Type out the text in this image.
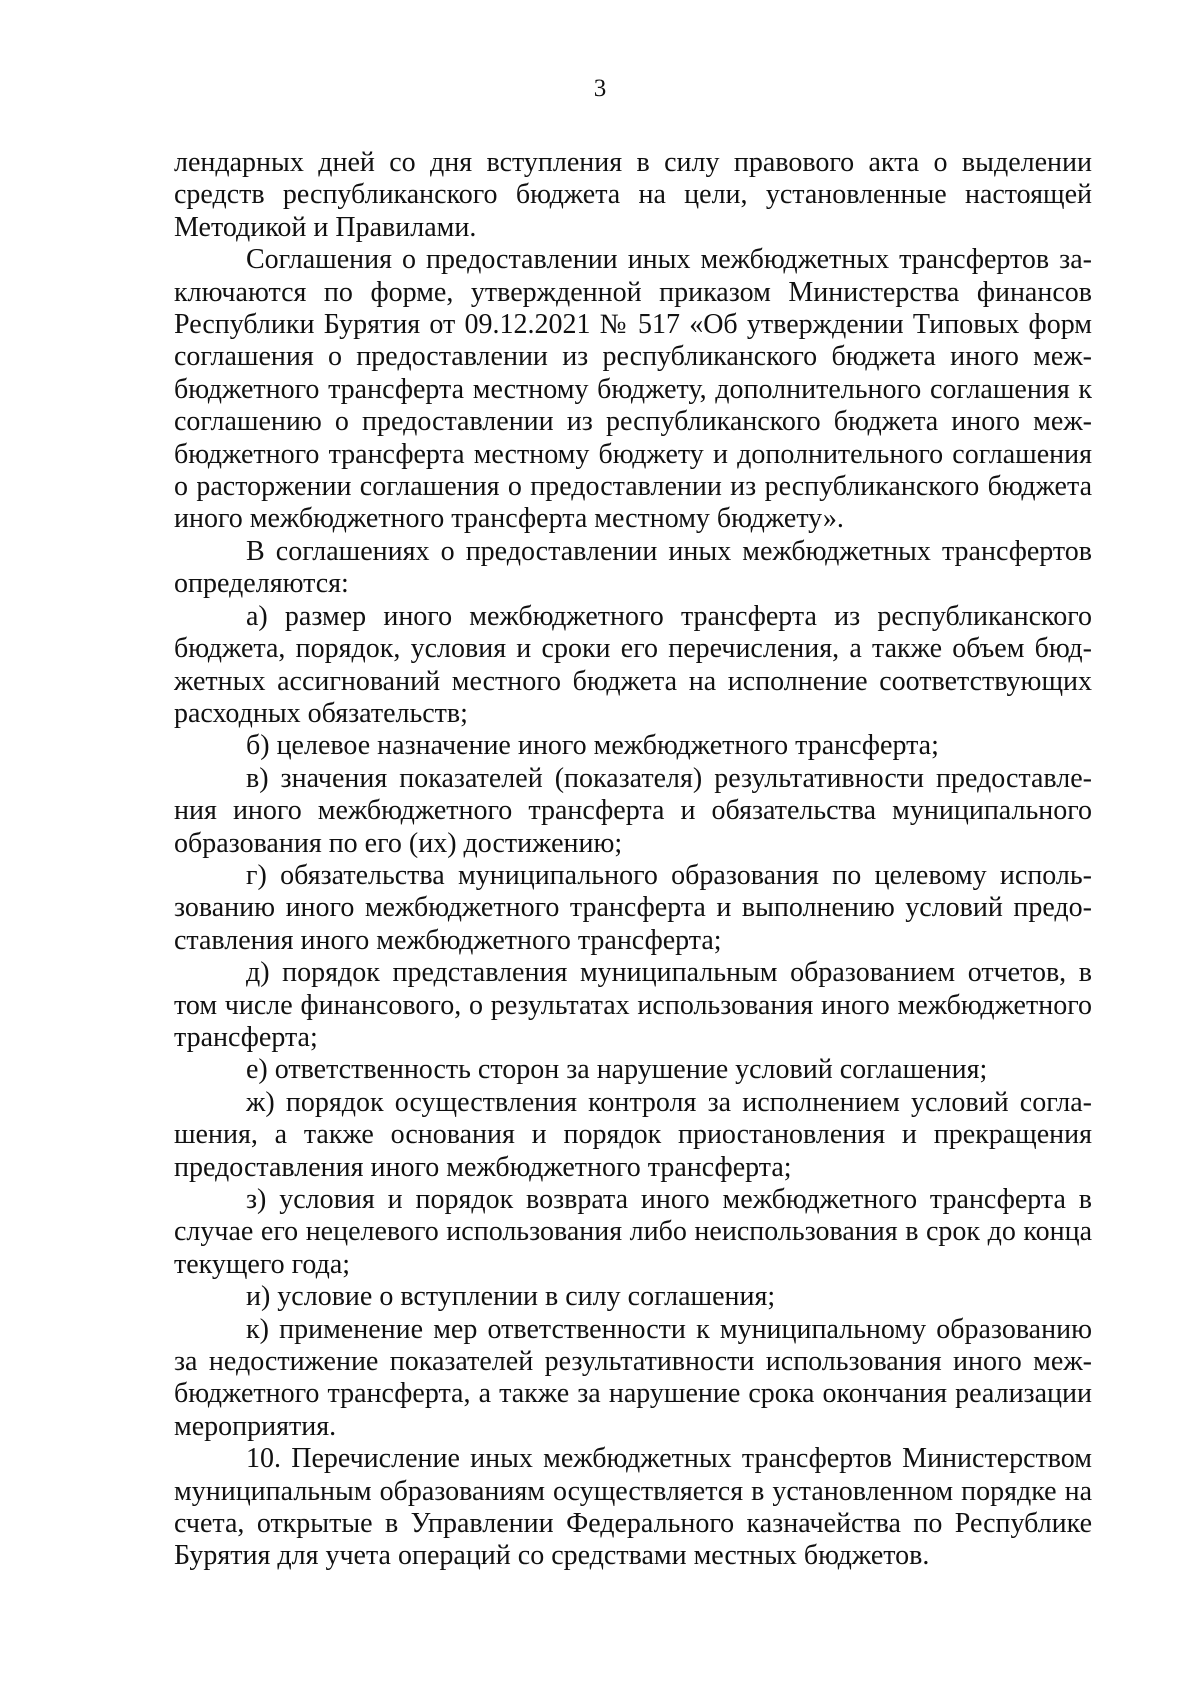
3

лендарных дней со дня вступления в силу правового акта о выделении средств республиканского бюджета на цели, установленные настоящей Методикой и Правилами.

Соглашения о предоставлении иных межбюджетных трансфертов заключаются по форме, утвержденной приказом Министерства финансов Республики Бурятия от 09.12.2021 № 517 «Об утверждении Типовых форм соглашения о предоставлении из республиканского бюджета иного межбюджетного трансферта местному бюджету, дополнительного соглашения к соглашению о предоставлении из республиканского бюджета иного межбюджетного трансферта местному бюджету и дополнительного соглашения о расторжении соглашения о предоставлении из республиканского бюджета иного межбюджетного трансферта местному бюджету».

В соглашениях о предоставлении иных межбюджетных трансфертов определяются:

а) размер иного межбюджетного трансферта из республиканского бюджета, порядок, условия и сроки его перечисления, а также объем бюджетных ассигнований местного бюджета на исполнение соответствующих расходных обязательств;

б) целевое назначение иного межбюджетного трансферта;

в) значения показателей (показателя) результативности предоставления иного межбюджетного трансферта и обязательства муниципального образования по его (их) достижению;

г) обязательства муниципального образования по целевому использованию иного межбюджетного трансферта и выполнению условий предоставления иного межбюджетного трансферта;

д) порядок представления муниципальным образованием отчетов, в том числе финансового, о результатах использования иного межбюджетного трансферта;

е) ответственность сторон за нарушение условий соглашения;

ж) порядок осуществления контроля за исполнением условий соглашения, а также основания и порядок приостановления и прекращения предоставления иного межбюджетного трансферта;

з) условия и порядок возврата иного межбюджетного трансферта в случае его нецелевого использования либо неиспользования в срок до конца текущего года;

и) условие о вступлении в силу соглашения;

к) применение мер ответственности к муниципальному образованию за недостижение показателей результативности использования иного межбюджетного трансферта, а также за нарушение срока окончания реализации мероприятия.

10. Перечисление иных межбюджетных трансфертов Министерством муниципальным образованиям осуществляется в установленном порядке на счета, открытые в Управлении Федерального казначейства по Республике Бурятия для учета операций со средствами местных бюджетов.
